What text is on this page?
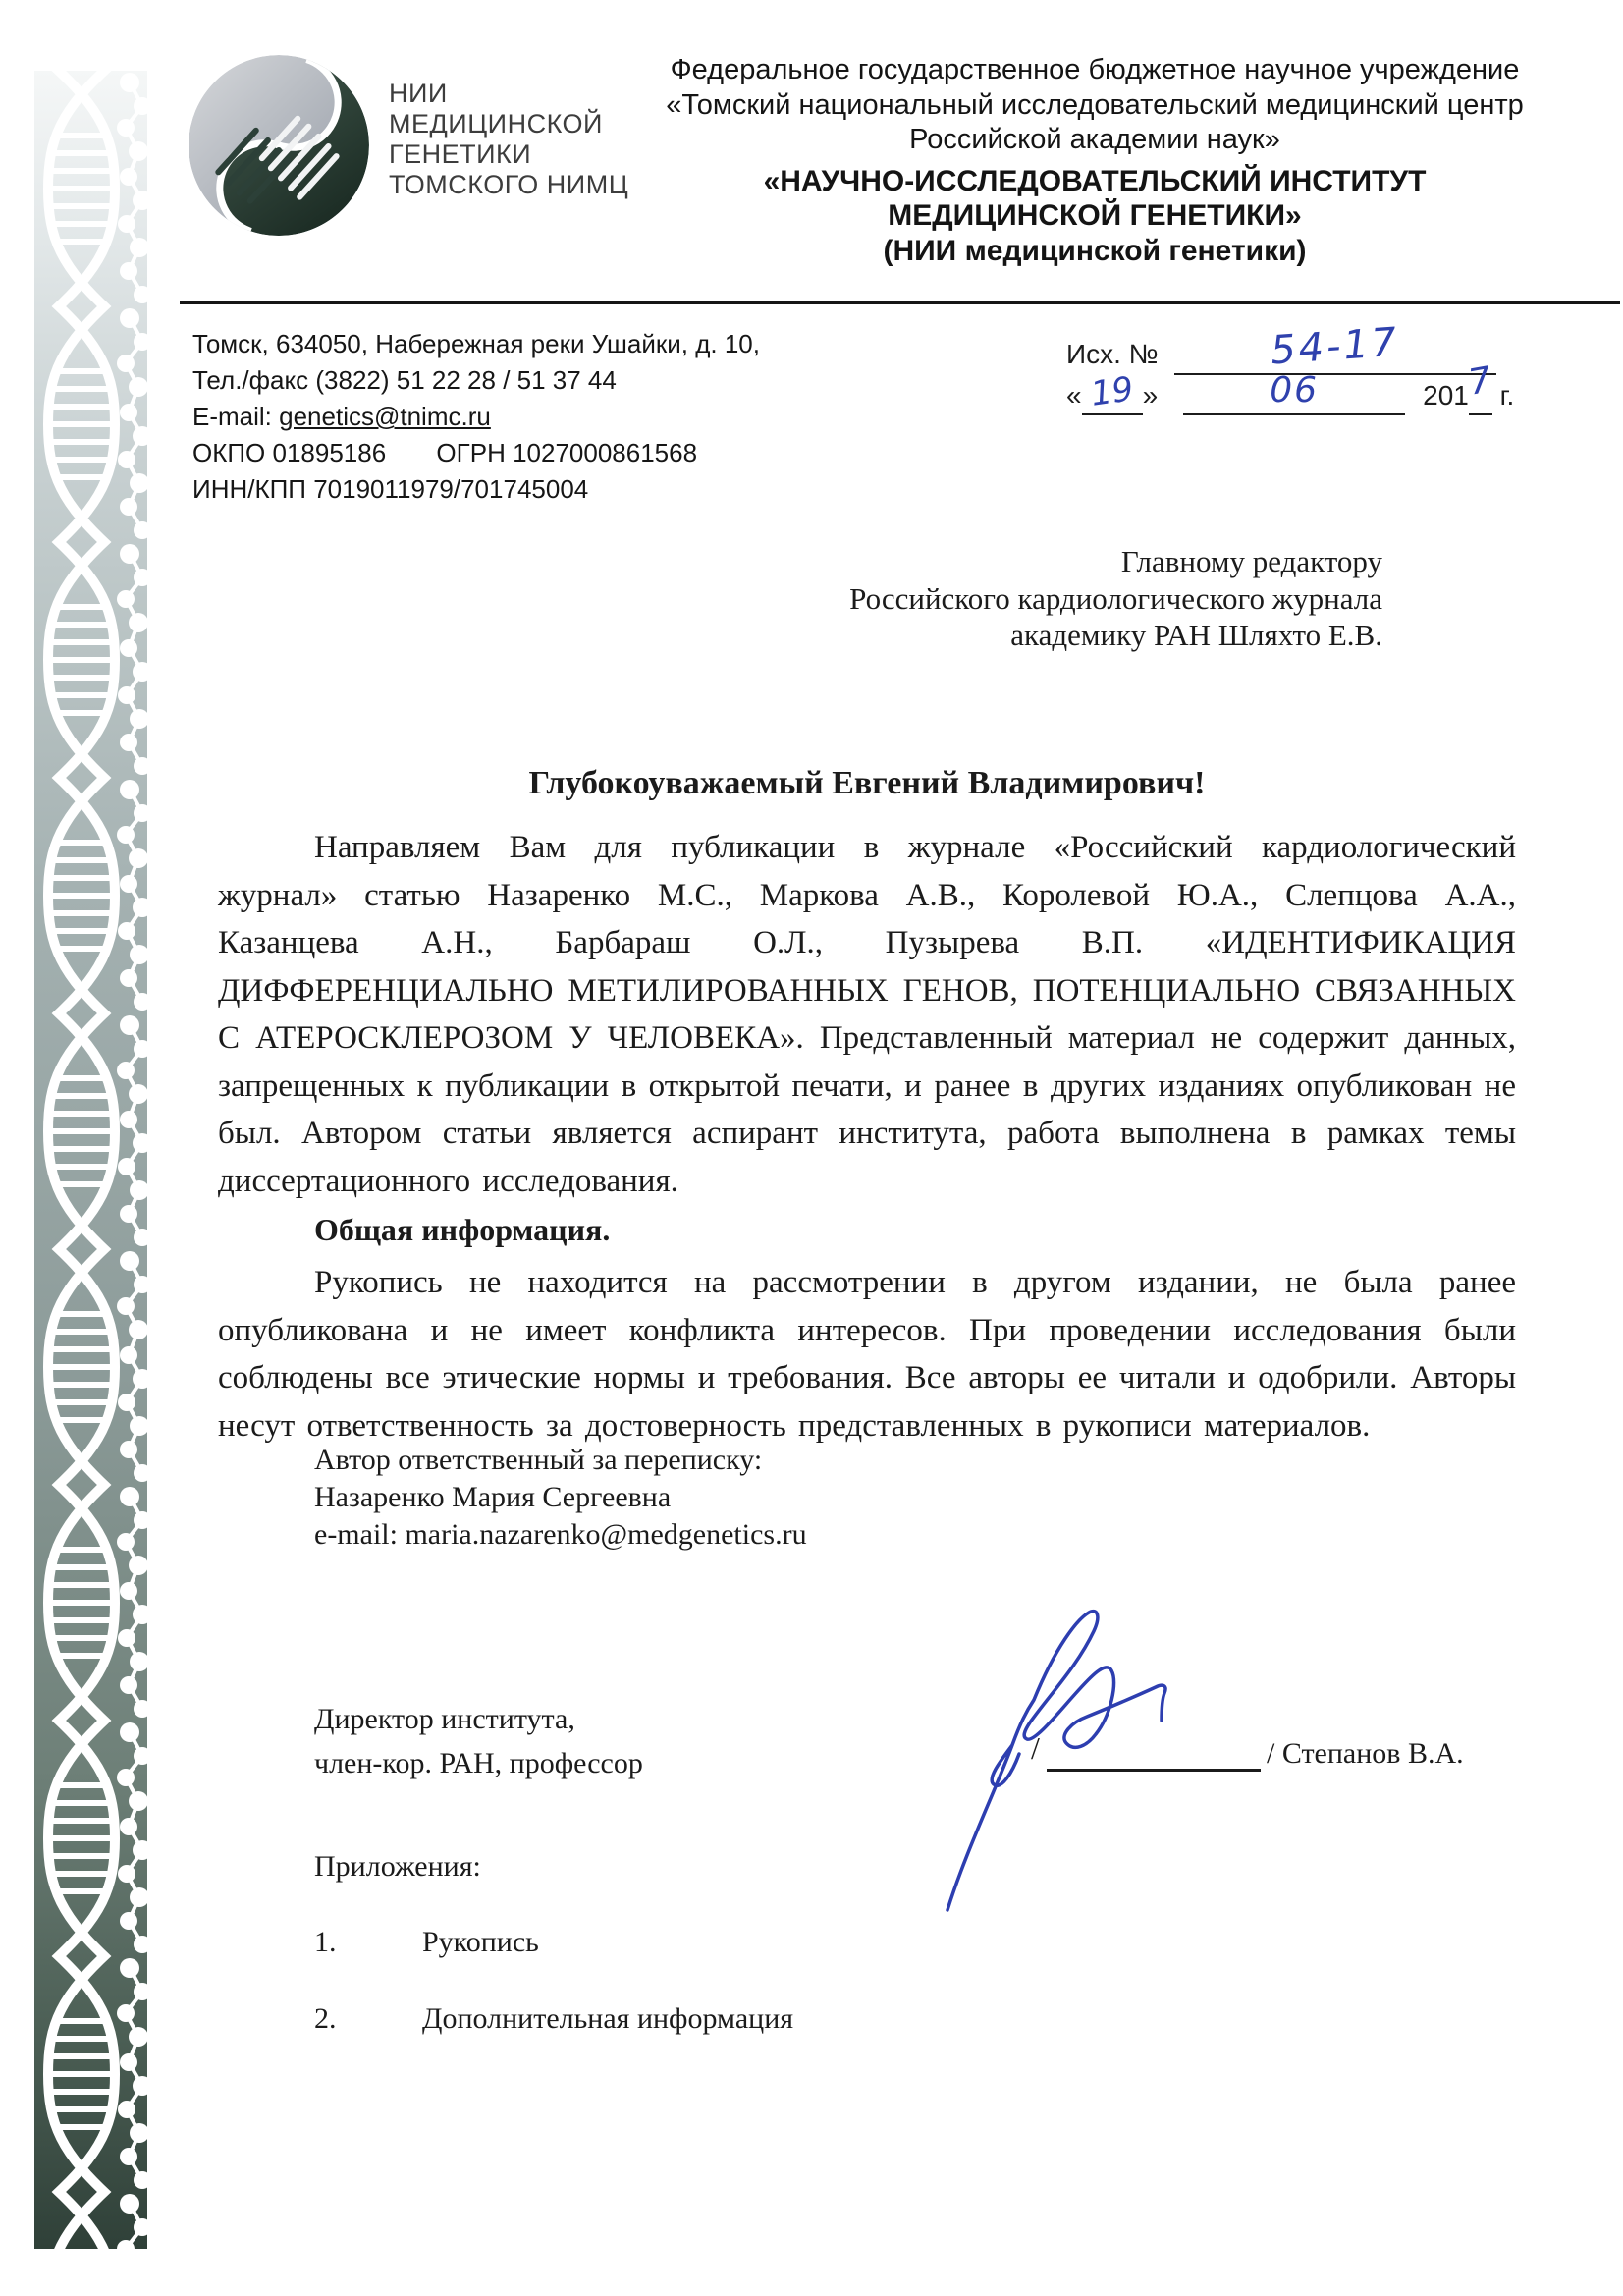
НИИ
МЕДИЦИНСКОЙ
ГЕНЕТИКИ
ТОМСКОГО НИМЦ
Федеральное государственное бюджетное научное учреждение
«Томский национальный исследовательский медицинский центр
Российской академии наук»
«НАУЧНО-ИССЛЕДОВАТЕЛЬСКИЙ ИНСТИТУТ
МЕДИЦИНСКОЙ ГЕНЕТИКИ»
(НИИ медицинской генетики)
Томск, 634050, Набережная реки Ушайки, д. 10,
Тел./факс (3822) 51 22 28 / 51 37 44
E-mail: genetics@tnimc.ru
ОКПО 01895186 ОГРН 1027000861568
ИНН/КПП 7019011979/701745004
Исх. №	54-17
« 19 »	06	2017 г.
Главному редактору
Российского кардиологического журнала
академику РАН Шляхто Е.В.
Глубокоуважаемый Евгений Владимирович!

Направляем Вам для публикации в журнале «Российский кардиологический журнал» статью Назаренко М.С., Маркова А.В., Королевой Ю.А., Слепцова А.А., Казанцева А.Н., Барбараш О.Л., Пузырева В.П. «ИДЕНТИФИКАЦИЯ ДИФФЕРЕНЦИАЛЬНО МЕТИЛИРОВАННЫХ ГЕНОВ, ПОТЕНЦИАЛЬНО СВЯЗАННЫХ С АТЕРОСКЛЕРОЗОМ У ЧЕЛОВЕКА». Представленный материал не содержит данных, запрещенных к публикации в открытой печати, и ранее в других изданиях опубликован не был. Автором статьи является аспирант института, работа выполнена в рамках темы диссертационного исследования.

Общая информация.

Рукопись не находится на рассмотрении в другом издании, не была ранее опубликована и не имеет конфликта интересов. При проведении исследования были соблюдены все этические нормы и требования. Все авторы ее читали и одобрили. Авторы несут ответственность за достоверность представленных в рукописи материалов.

Автор ответственный за переписку:
Назаренко Мария Сергеевна
e-mail: maria.nazarenko@medgenetics.ru
Директор института,
член-кор. РАН, профессор	/	/ Степанов В.А.
Приложения:
1.	Рукопись
2.	Дополнительная информация
